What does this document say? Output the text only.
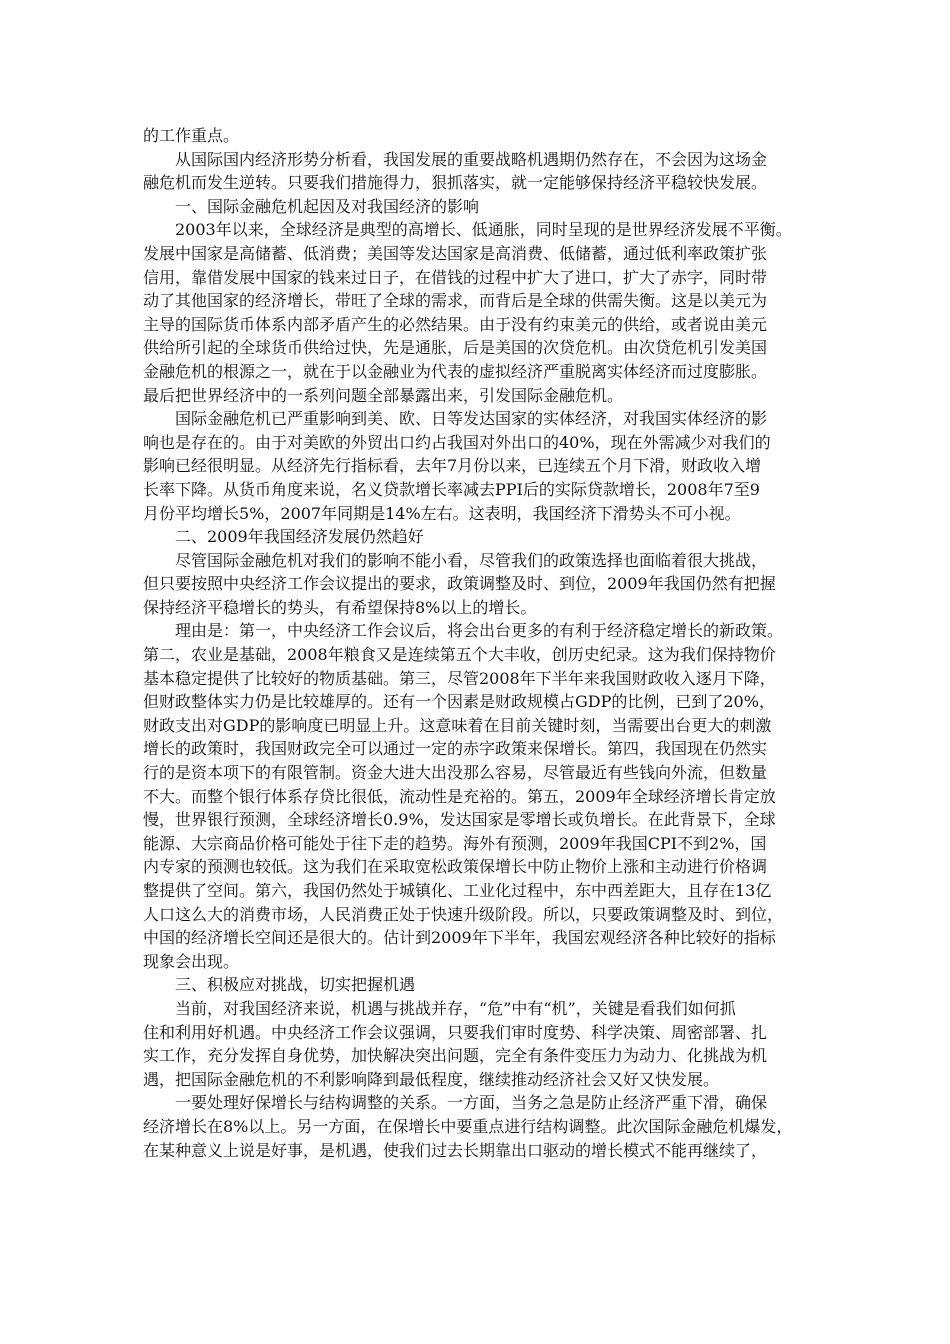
的工作重点。

从国际国内经济形势分析看，我国发展的重要战略机遇期仍然存在，不会因为这场金
融危机而发生逆转。只要我们措施得力，狠抓落实，就一定能够保持经济平稳较快发展。

一、国际金融危机起因及对我国经济的影响

2003年以来，全球经济是典型的高增长、低通胀，同时呈现的是世界经济发展不平衡。
发展中国家是高储蓄、低消费；美国等发达国家是高消费、低储蓄，通过低利率政策扩张
信用，靠借发展中国家的钱来过日子，在借钱的过程中扩大了进口，扩大了赤字，同时带
动了其他国家的经济增长，带旺了全球的需求，而背后是全球的供需失衡。这是以美元为
主导的国际货币体系内部矛盾产生的必然结果。由于没有约束美元的供给，或者说由美元
供给所引起的全球货币供给过快，先是通胀，后是美国的次贷危机。由次贷危机引发美国
金融危机的根源之一，就在于以金融业为代表的虚拟经济严重脱离实体经济而过度膨胀。
最后把世界经济中的一系列问题全部暴露出来，引发国际金融危机。

国际金融危机已严重影响到美、欧、日等发达国家的实体经济，对我国实体经济的影
响也是存在的。由于对美欧的外贸出口约占我国对外出口的40%，现在外需减少对我们的
影响已经很明显。从经济先行指标看，去年7月份以来，已连续五个月下滑，财政收入增
长率下降。从货币角度来说，名义贷款增长率减去PPI后的实际贷款增长，2008年7至9
月份平均增长5%，2007年同期是14%左右。这表明，我国经济下滑势头不可小视。

二、2009年我国经济发展仍然趋好

尽管国际金融危机对我们的影响不能小看，尽管我们的政策选择也面临着很大挑战，
但只要按照中央经济工作会议提出的要求，政策调整及时、到位，2009年我国仍然有把握
保持经济平稳增长的势头，有希望保持8%以上的增长。

理由是：第一，中央经济工作会议后，将会出台更多的有利于经济稳定增长的新政策。
第二，农业是基础，2008年粮食又是连续第五个大丰收，创历史纪录。这为我们保持物价
基本稳定提供了比较好的物质基础。第三，尽管2008年下半年来我国财政收入逐月下降，
但财政整体实力仍是比较雄厚的。还有一个因素是财政规模占GDP的比例，已到了20%，
财政支出对GDP的影响度已明显上升。这意味着在目前关键时刻，当需要出台更大的刺激
增长的政策时，我国财政完全可以通过一定的赤字政策来保增长。第四，我国现在仍然实
行的是资本项下的有限管制。资金大进大出没那么容易，尽管最近有些钱向外流，但数量
不大。而整个银行体系存贷比很低，流动性是充裕的。第五，2009年全球经济增长肯定放
慢，世界银行预测，全球经济增长0.9%，发达国家是零增长或负增长。在此背景下，全球
能源、大宗商品价格可能处于往下走的趋势。海外有预测，2009年我国CPI不到2%，国
内专家的预测也较低。这为我们在采取宽松政策保增长中防止物价上涨和主动进行价格调
整提供了空间。第六，我国仍然处于城镇化、工业化过程中，东中西差距大，且存在13亿
人口这么大的消费市场，人民消费正处于快速升级阶段。所以，只要政策调整及时、到位，
中国的经济增长空间还是很大的。估计到2009年下半年，我国宏观经济各种比较好的指标
现象会出现。

三、积极应对挑战，切实把握机遇

当前，对我国经济来说，机遇与挑战并存，“危”中有“机”，关键是看我们如何抓
住和利用好机遇。中央经济工作会议强调，只要我们审时度势、科学决策、周密部署、扎
实工作，充分发挥自身优势，加快解决突出问题，完全有条件变压力为动力、化挑战为机
遇，把国际金融危机的不利影响降到最低程度，继续推动经济社会又好又快发展。

一要处理好保增长与结构调整的关系。一方面，当务之急是防止经济严重下滑，确保
经济增长在8%以上。另一方面，在保增长中要重点进行结构调整。此次国际金融危机爆发，
在某种意义上说是好事，是机遇，使我们过去长期靠出口驱动的增长模式不能再继续了，
